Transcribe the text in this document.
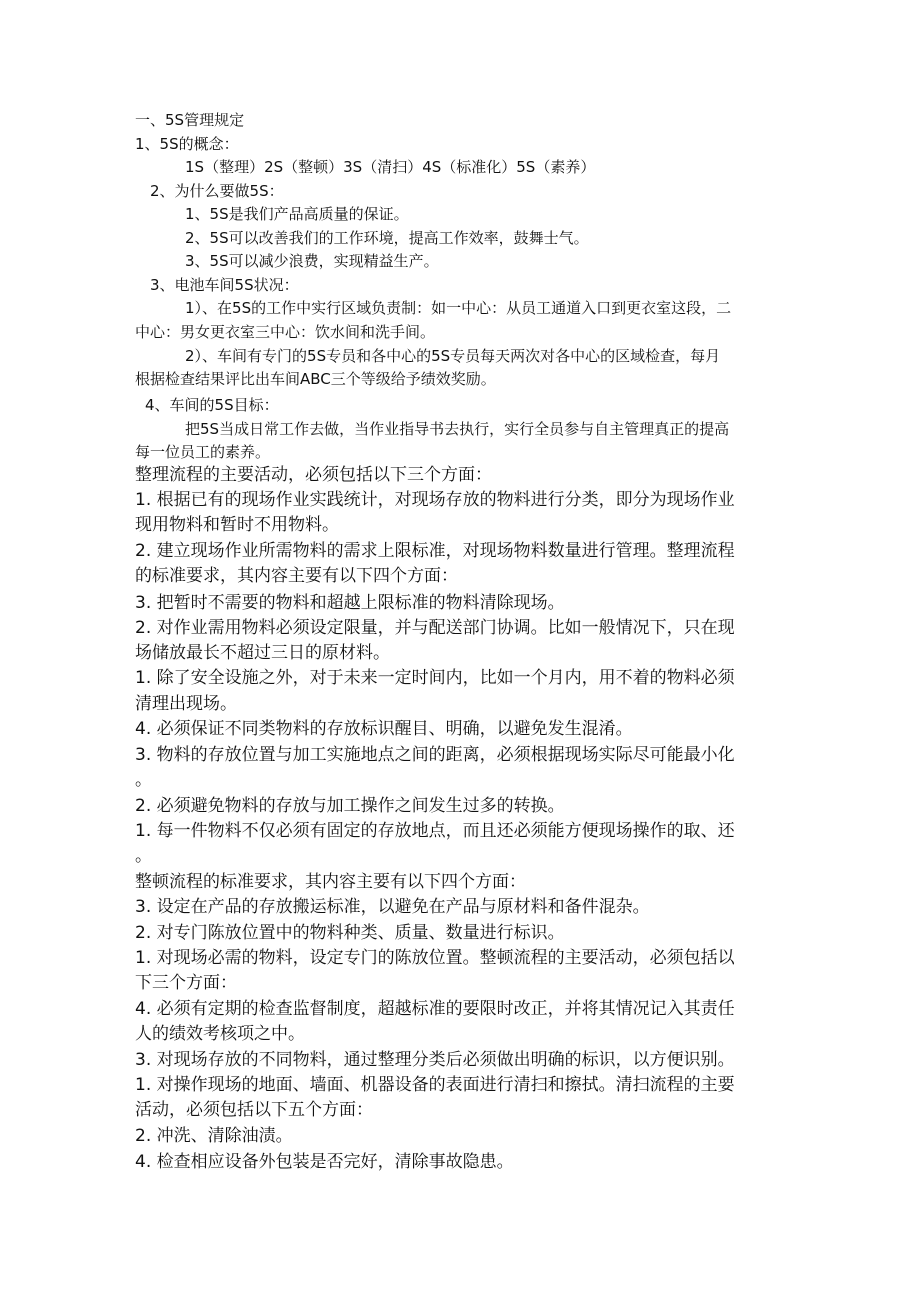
一、5S管理规定
1、5S的概念：
1S（整理）2S（整顿）3S（清扫）4S（标准化）5S（素养）
2、为什么要做5S：
1、5S是我们产品高质量的保证。
2、5S可以改善我们的工作环境，提高工作效率，鼓舞士气。
3、5S可以减少浪费，实现精益生产。
3、电池车间5S状况：
1）、在5S的工作中实行区域负责制：如一中心：从员工通道入口到更衣室这段，二
中心：男女更衣室三中心：饮水间和洗手间。
2）、车间有专门的5S专员和各中心的5S专员每天两次对各中心的区域检查，每月
根据检查结果评比出车间ABC三个等级给予绩效奖励。
4、车间的5S目标：
把5S当成日常工作去做，当作业指导书去执行，实行全员参与自主管理真正的提高
每一位员工的素养。
整理流程的主要活动，必须包括以下三个方面：
1. 根据已有的现场作业实践统计，对现场存放的物料进行分类，即分为现场作业
现用物料和暂时不用物料。
2. 建立现场作业所需物料的需求上限标准，对现场物料数量进行管理。整理流程
的标准要求，其内容主要有以下四个方面：
3. 把暂时不需要的物料和超越上限标准的物料清除现场。
2. 对作业需用物料必须设定限量，并与配送部门协调。比如一般情况下，只在现
场储放最长不超过三日的原材料。
1. 除了安全设施之外，对于未来一定时间内，比如一个月内，用不着的物料必须
清理出现场。
4. 必须保证不同类物料的存放标识醒目、明确，以避免发生混淆。
3. 物料的存放位置与加工实施地点之间的距离，必须根据现场实际尽可能最小化
。
2. 必须避免物料的存放与加工操作之间发生过多的转换。
1. 每一件物料不仅必须有固定的存放地点，而且还必须能方便现场操作的取、还
。
整顿流程的标准要求，其内容主要有以下四个方面：
3. 设定在产品的存放搬运标准，以避免在产品与原材料和备件混杂。
2. 对专门陈放位置中的物料种类、质量、数量进行标识。
1. 对现场必需的物料，设定专门的陈放位置。整顿流程的主要活动，必须包括以
下三个方面：
4. 必须有定期的检查监督制度，超越标准的要限时改正，并将其情况记入其责任
人的绩效考核项之中。
3. 对现场存放的不同物料，通过整理分类后必须做出明确的标识，以方便识别。
1. 对操作现场的地面、墙面、机器设备的表面进行清扫和擦拭。清扫流程的主要
活动，必须包括以下五个方面：
2. 冲洗、清除油渍。
4. 检查相应设备外包装是否完好，清除事故隐患。
